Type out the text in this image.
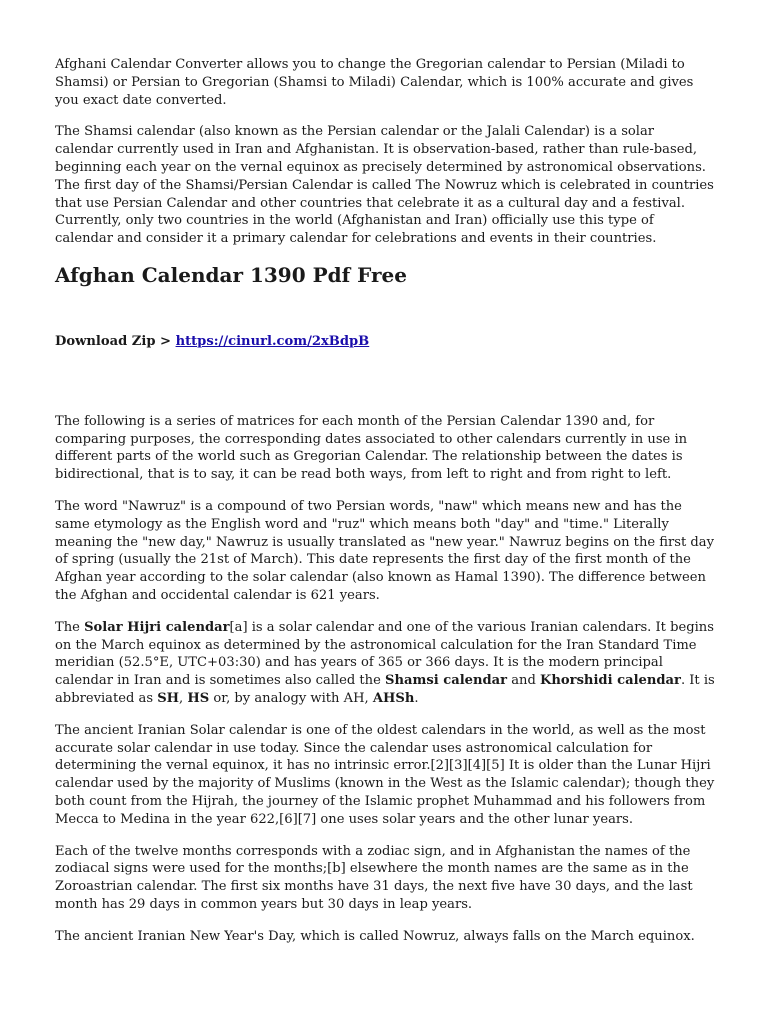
Afghani Calendar Converter allows you to change the Gregorian calendar to Persian (Miladi to Shamsi) or Persian to Gregorian (Shamsi to Miladi) Calendar, which is 100% accurate and gives you exact date converted.

The Shamsi calendar (also known as the Persian calendar or the Jalali Calendar) is a solar calendar currently used in Iran and Afghanistan. It is observation-based, rather than rule-based, beginning each year on the vernal equinox as precisely determined by astronomical observations. The first day of the Shamsi/Persian Calendar is called The Nowruz which is celebrated in countries that use Persian Calendar and other countries that celebrate it as a cultural day and a festival. Currently, only two countries in the world (Afghanistan and Iran) officially use this type of calendar and consider it a primary calendar for celebrations and events in their countries.

Afghan Calendar 1390 Pdf Free

Download Zip > https://cinurl.com/2xBdpB

The following is a series of matrices for each month of the Persian Calendar 1390 and, for comparing purposes, the corresponding dates associated to other calendars currently in use in different parts of the world such as Gregorian Calendar. The relationship between the dates is bidirectional, that is to say, it can be read both ways, from left to right and from right to left.

The word "Nawruz" is a compound of two Persian words, "naw" which means new and has the same etymology as the English word and "ruz" which means both "day" and "time." Literally meaning the "new day," Nawruz is usually translated as "new year." Nawruz begins on the first day of spring (usually the 21st of March). This date represents the first day of the first month of the Afghan year according to the solar calendar (also known as Hamal 1390). The difference between the Afghan and occidental calendar is 621 years.

The Solar Hijri calendar[a] is a solar calendar and one of the various Iranian calendars. It begins on the March equinox as determined by the astronomical calculation for the Iran Standard Time meridian (52.5°E, UTC+03:30) and has years of 365 or 366 days. It is the modern principal calendar in Iran and is sometimes also called the Shamsi calendar and Khorshidi calendar. It is abbreviated as SH, HS or, by analogy with AH, AHSh.

The ancient Iranian Solar calendar is one of the oldest calendars in the world, as well as the most accurate solar calendar in use today. Since the calendar uses astronomical calculation for determining the vernal equinox, it has no intrinsic error.[2][3][4][5] It is older than the Lunar Hijri calendar used by the majority of Muslims (known in the West as the Islamic calendar); though they both count from the Hijrah, the journey of the Islamic prophet Muhammad and his followers from Mecca to Medina in the year 622,[6][7] one uses solar years and the other lunar years.

Each of the twelve months corresponds with a zodiac sign, and in Afghanistan the names of the zodiacal signs were used for the months;[b] elsewhere the month names are the same as in the Zoroastrian calendar. The first six months have 31 days, the next five have 30 days, and the last month has 29 days in common years but 30 days in leap years.

The ancient Iranian New Year's Day, which is called Nowruz, always falls on the March equinox.
